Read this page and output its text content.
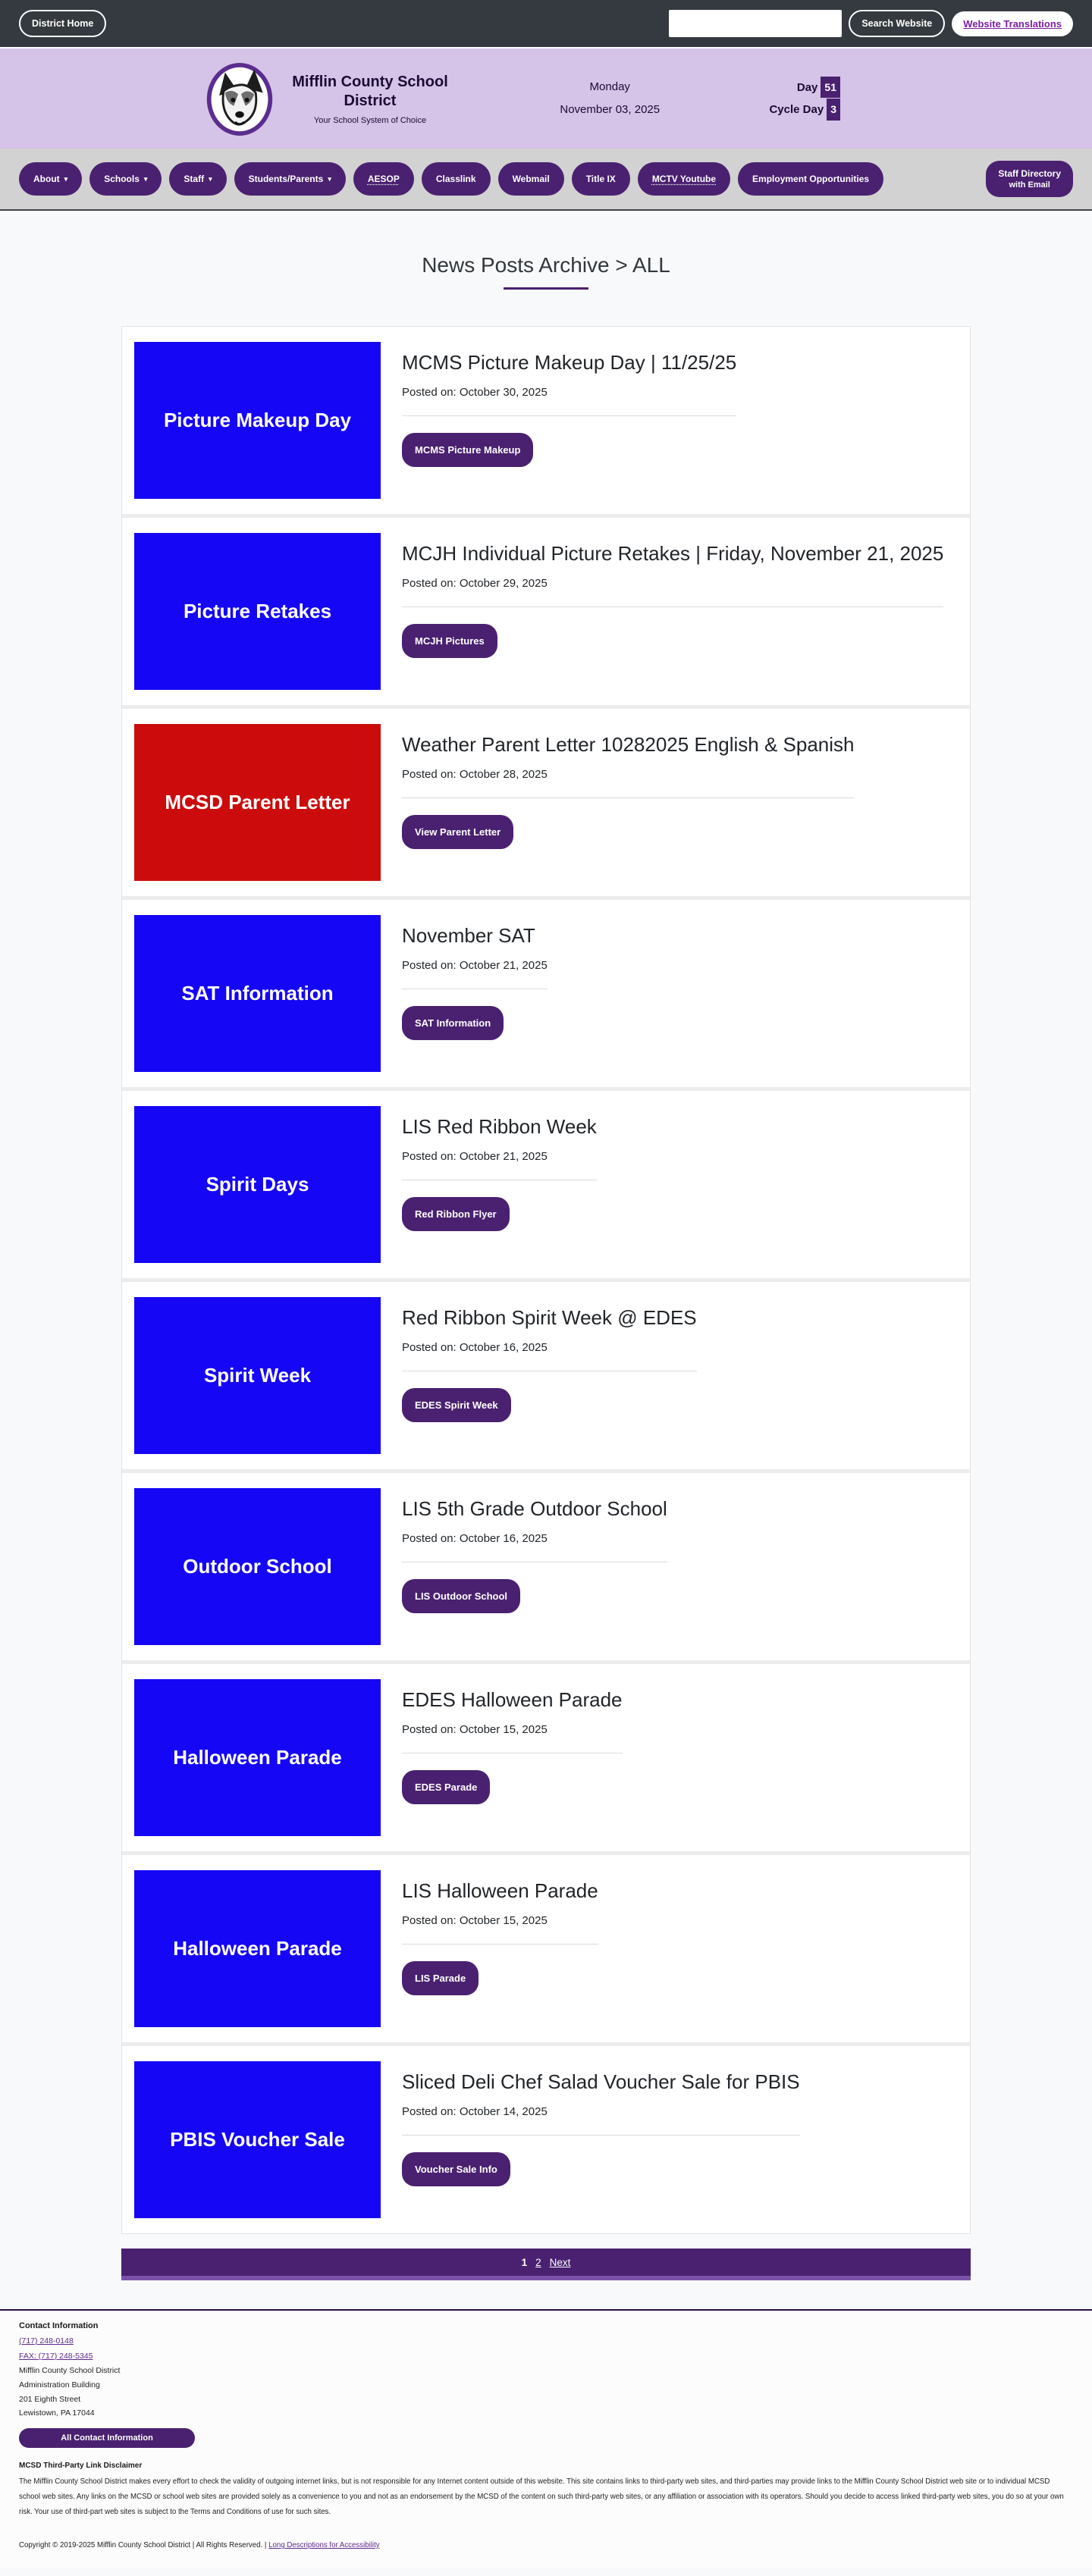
District Home	Search Website	Website Translations
Mifflin County School District
Your School System of Choice
Monday
November 03, 2025
Day 51
Cycle Day 3
About ▾	Schools ▾	Staff ▾	Students/Parents ▾	AESOP	Classlink	Webmail	Title IX	MCTV Youtube	Employment Opportunities	Staff Directory
with Email
News Posts Archive > ALL
Picture Makeup Day
MCMS Picture Makeup Day | 11/25/25

Posted on: October 30, 2025

MCMS Picture Makeup
Picture Retakes
MCJH Individual Picture Retakes | Friday, November 21, 2025

Posted on: October 29, 2025

MCJH Pictures
MCSD Parent Letter
Weather Parent Letter 10282025 English & Spanish

Posted on: October 28, 2025

View Parent Letter
SAT Information
November SAT

Posted on: October 21, 2025

SAT Information
Spirit Days
LIS Red Ribbon Week

Posted on: October 21, 2025

Red Ribbon Flyer
Spirit Week
Red Ribbon Spirit Week @ EDES

Posted on: October 16, 2025

EDES Spirit Week
Outdoor School
LIS 5th Grade Outdoor School

Posted on: October 16, 2025

LIS Outdoor School
Halloween Parade
EDES Halloween Parade

Posted on: October 15, 2025

EDES Parade
Halloween Parade
LIS Halloween Parade

Posted on: October 15, 2025

LIS Parade
PBIS Voucher Sale
Sliced Deli Chef Salad Voucher Sale for PBIS

Posted on: October 14, 2025

Voucher Sale Info
1 2 Next
Contact Information
(717) 248-0148
FAX: (717) 248-5345
Mifflin County School District
Administration Building
201 Eighth Street
Lewistown, PA 17044
All Contact Information
MCSD Third-Party Link Disclaimer

The Mifflin County School District makes every effort to check the validity of outgoing internet links, but is not responsible for any Internet content outside of this website. This site contains links to third-party web sites, and third-parties may provide links to the Mifflin County School District web site or to individual MCSD school web sites. Any links on the MCSD or school web sites are provided solely as a convenience to you and not as an endorsement by the MCSD of the content on such third-party web sites, or any affiliation or association with its operators. Should you decide to access linked third-party web sites, you do so at your own risk. Your use of third-part web sites is subject to the Terms and Conditions of use for such sites.

Copyright © 2019-2025 Mifflin County School District | All Rights Reserved. | Long Descriptions for Accessibility
